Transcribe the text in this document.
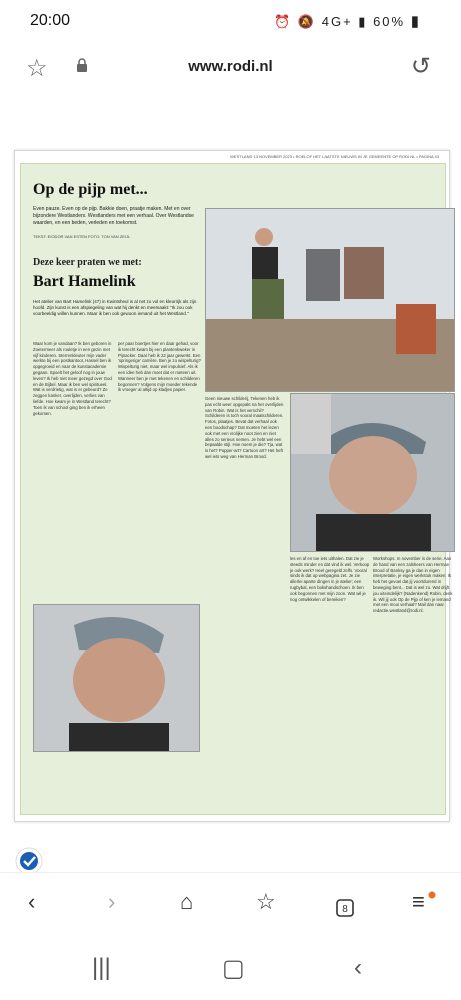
20:00	⏰ 🔕 4G+ ▮ 60% ▮
☆	www.rodi.nl	↺
WESTLAND 13 NOVEMBER 2023 • ROELOF HET LAATSTE NIEUWS IN JE GEMEENTE OP RODI.NL • PAGINA 43
Op de pijp met...
Even pauze. Even op de pijp. Bakkie doen, praatje maken. Met en over bijzondere Westlanders. Westlanders met een verhaal. Over Westlandse waarden, en een beden, verleden en toekomst.
TEKST: EIODOR VAN ESTEN FOTO: TON VAN ZEIJL
Deze keer praten we met:
Bart Hamelink
Het atelier van Bart Hamelink (47) in Kwintsheul is al net zo vol en kleurrijk als zijn hoofd. Zijn kunst is een afspiegeling van wat hij denkt en meemaakt: "Ik zou ook voorbeeldig willen kunnen. Maar ik ben ook gewoon iemand uit het Westland."
Waar kom je vandaan? Ik ben geboren in Zoetermeer als rouletje in een gezin met vijf kinderen. Sterrenkleuter mijn vader werkte bij een postkantoor, Hassel ben ik opgegroeid en naar de kunstacademie gegaan. Spoelt het geloof nog in jouw leven? Ik heb niet meer gezegd over God en de Bijbel. Maar ik ben wel spiritueel. Wat is verdrietig, wat is er gebeurd? Ze zeggen kanker, overlijden, verlies van liefde. Hoe kwam je in Westland terecht? Toen ik van school ging ben ik erheen gekomen.
per paar boertjes hier en daar gehad, voor ik terecht kwam bij een plantenkweker in Pijnacker. Daar heb ik 22 jaar gewerkt. Een 'springerige' carrière. Ben je zo wispelturig? Wispelturig niet, maar wel impulsief. Als ik een idee heb dan moet dat er meteen uit. Wanneer ben je met tekenen en schilderen begonnen? Volgens mijn moeder tekende ik vroeger al altijd op kladjes papier.
Geen nieuwe schilderij, Tekenen heb ik pas echt weer opgepakt na het overlijden van Robin. Wat is het verschil? Schilderen is toch vooral maatschilderen. Fotos, plaatjes. Bevat dat verhaal ook een boodschap? Dat moeten het lezen ook met een vrolijke noot zien en niet alles zo serieus nemen. Je hebt wel een bepaalde stijl. Hoe noem je die? Tja, wat is het? Pupper-art? Cartoon art? Het heft wel iets weg van Herman Brood.
les en af en toe iets uithalen. Dat zie je steeds minder en dat vind ik wel. Verkoop je ook werk? Heel geregeld zelfs. Vooral sinds ik dat op webpagina zet. Je zie allerlei aparte dingen in je atelier; een rugbybal, een bokshandschoen. Ik ben ook begonnen met mijn zoon. Wat wil je nog ontwikkelen of bereiken?
Workshops. In november is de serie. Aan de hand van een zalsheers van Herman Brood of Banksy ga je dan in eigen interpretatie, je eigen werkstuk maken. Ik heb het gevoel dat jij voortdurend in beweging bent... Dat is wel zo. Wat drijft jou uiteindelijk? (Nadenkend) Robin, denk ik. Wil jij ook Op de Pijp of ken je iemand met een mooi verhaal? Mail dan naar redactie.westland@rodi.nl.
‹	›	⌂	☆	8	≡
|||	▢	‹
